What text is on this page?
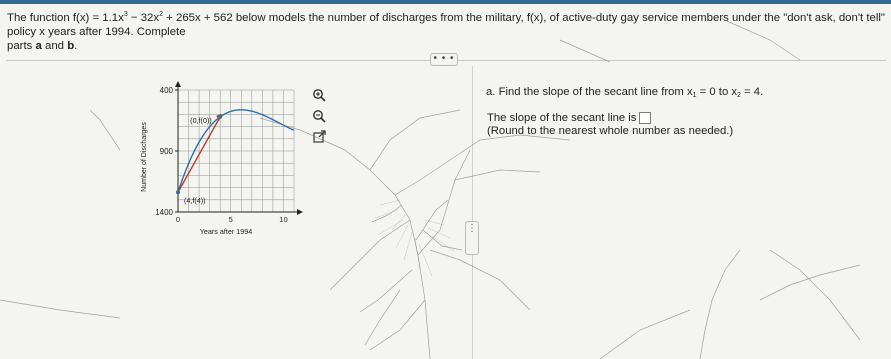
The function $f(x) = 1.1x^3 - 32x^2 + 265x + 562$ below models the number of discharges from the military, f(x), of active-duty gay service members under the "don't ask, don't tell" policy x years after 1994. Complete
parts a and b.
• • •
1400
900
400
0	5	10
Years after 1994
Number of Discharges
(4,f(4))
(0,f(0))
⋮
a. Find the slope of the secant line from $x_1 = 0$ to $x_2 = 4$.
The slope of the secant line is
(Round to the nearest whole number as needed.)
